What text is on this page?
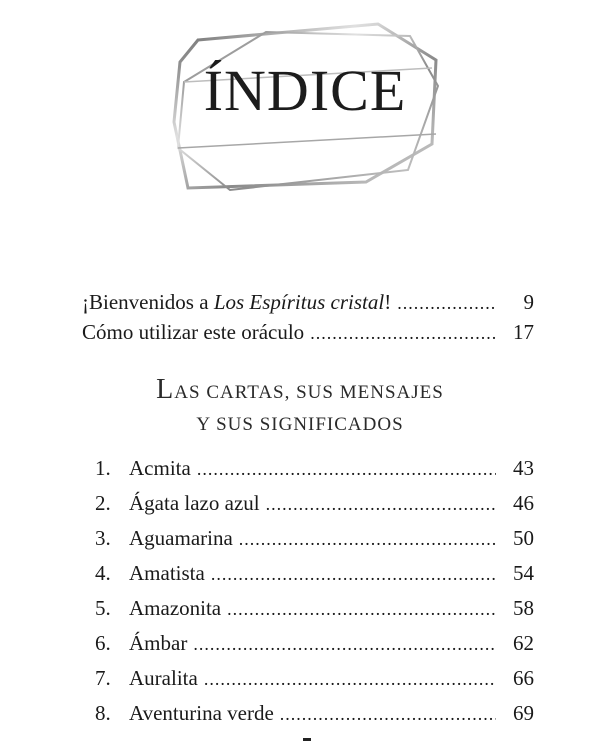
ÍNDICE
¡Bienvenidos a Los Espíritus cristal! .....	9
Cómo utilizar este oráculo .....	17
LAS CARTAS, SUS MENSAJES
Y SUS SIGNIFICADOS
1. Acmita .....	43
2. Ágata lazo azul .....	46
3. Aguamarina .....	50
4. Amatista .....	54
5. Amazonita .....	58
6. Ámbar .....	62
7. Auralita .....	66
8. Aventurina verde .....	69
